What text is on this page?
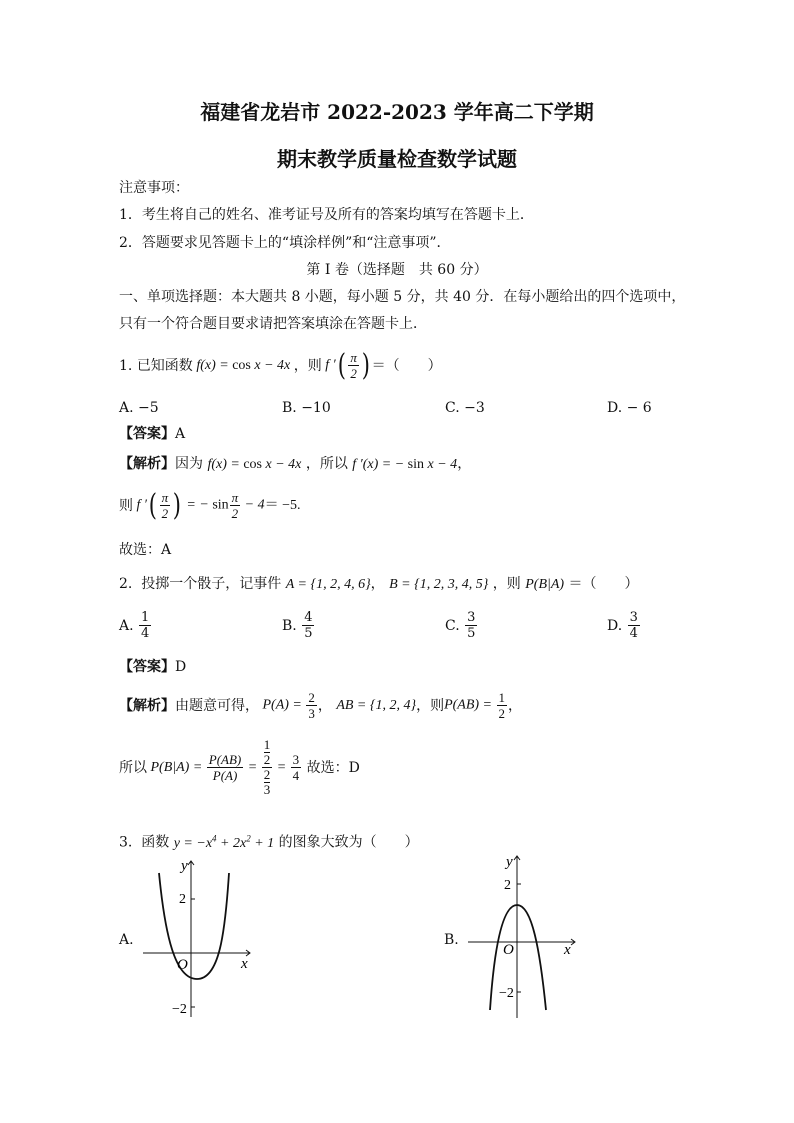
福建省龙岩市 2022-2023 学年高二下学期
期末教学质量检查数学试题
注意事项：
1．考生将自己的姓名、准考证号及所有的答案均填写在答题卡上．
2．答题要求见答题卡上的“填涂样例”和“注意事项”．
第 I 卷（选择题　共 60 分）
一、单项选择题：本大题共 8 小题，每小题 5 分，共 40 分．在每小题给出的四个选项中，
只有一个符合题目要求请把答案填涂在答题卡上．
1.
已知函数 f(x) = cos x − 4x ，则 f ′( $\frac{\pi}{2}$ ) ＝（　　）
A. −5	B. −10	C. −3	D. − 6
【答案】A
【解析】因为 f(x) = cos x − 4x ，所以 f ′(x) = − sin x − 4，
则 f ′( $\frac{\pi}{2}$ ) = − $\sin \frac{\pi}{2} - 4 = -5$.
故选：A
2. 投掷一个骰子，记事件 A = {1, 2, 4, 6}， B = {1, 2, 3, 4, 5} ，则 P(B|A) ＝（　　）
A.
$\frac{1}{4}$	B.
$\frac{4}{5}$	C.
$\frac{3}{5}$	D.
$\frac{3}{4}$
【答案】D
【解析】 由题意可得， $P(A) = \frac{2}{3}$ ， AB = {1, 2, 4} ，则 $P(AB) = \frac{1}{2}$ ，
所以 $P(B|A) = \frac{P(AB)}{P(A)} = 1$
2
2
$3 = \frac{3}{4}$
故选：D
3. 函数 $y = -x^4 + 2x^2 + 1$ 的图象大致为（　　）
A.
y
x
O
2
−2
B.
y
x
O
2
−2
